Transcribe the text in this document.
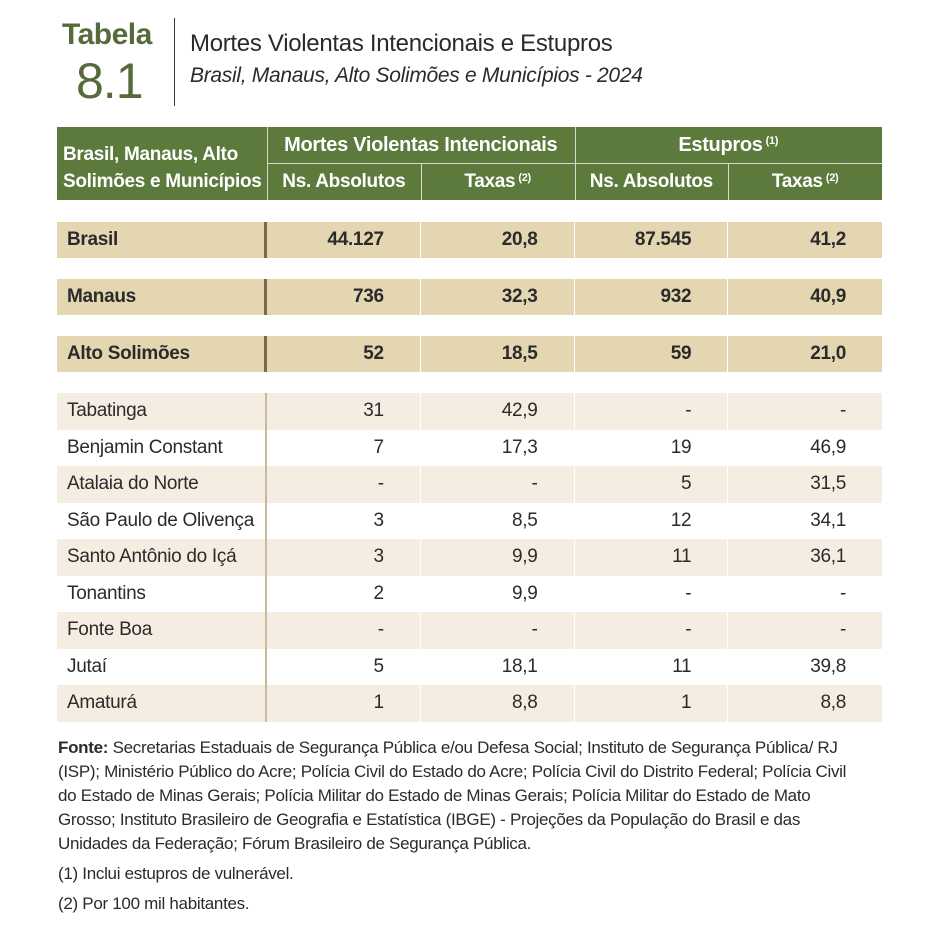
Tabela
8.1
Mortes Violentas Intencionais e Estupros
Brasil, Manaus, Alto Solimões e Municípios - 2024
Brasil, Manaus, Alto Solimões e Municípios
Mortes Violentas Intencionais	Estupros $^{(1)}$
Ns. Absolutos	Taxas $^{(2)}$	Ns. Absolutos	Taxas $^{(2)}$
Brasil	44.127	20,8	87.545	41,2
Manaus	736	32,3	932	40,9
Alto Solimões	52	18,5	59	21,0
Tabatinga	31	42,9	-	-
Benjamin Constant	7	17,3	19	46,9
Atalaia do Norte	-	-	5	31,5
São Paulo de Olivença	3	8,5	12	34,1
Santo Antônio do Içá	3	9,9	11	36,1
Tonantins	2	9,9	-	-
Fonte Boa	-	-	-	-
Jutaí	5	18,1	11	39,8
Amaturá	1	8,8	1	8,8

Fonte: Secretarias Estaduais de Segurança Pública e/ou Defesa Social; Instituto de Segurança Pública/ RJ (ISP); Ministério Público do Acre; Polícia Civil do Estado do Acre; Polícia Civil do Distrito Federal; Polícia Civil do Estado de Minas Gerais; Polícia Militar do Estado de Minas Gerais; Polícia Militar do Estado de Mato Grosso; Instituto Brasileiro de Geografia e Estatística (IBGE) - Projeções da População do Brasil e das Unidades da Federação; Fórum Brasileiro de Segurança Pública.

(1) Inclui estupros de vulnerável.

(2) Por 100 mil habitantes.
